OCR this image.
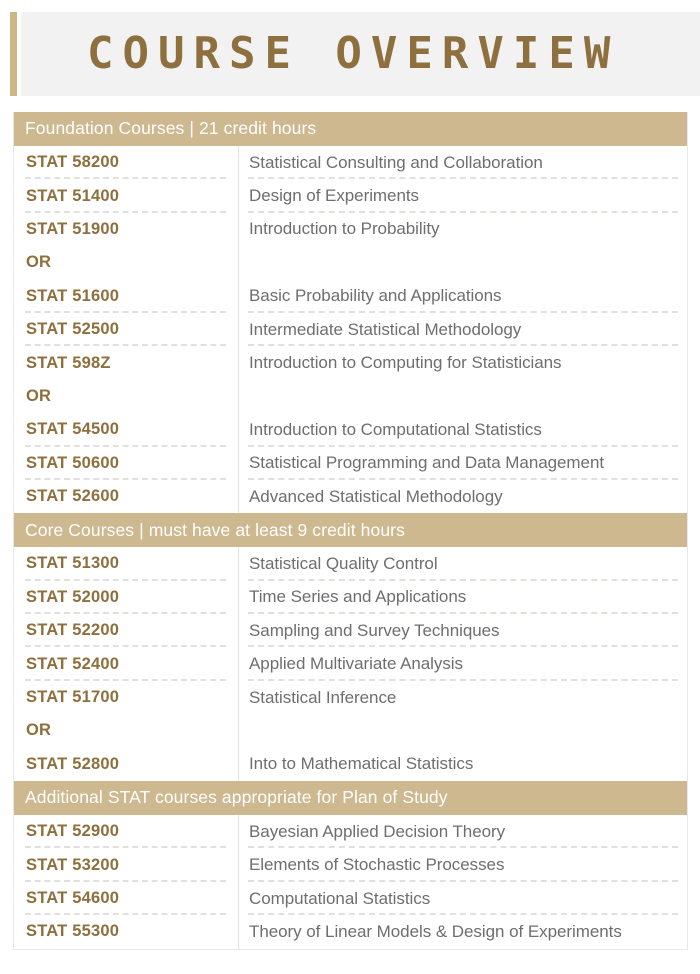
COURSE OVERVIEW
Foundation Courses | 21 credit hours
STAT 58200	Statistical Consulting and Collaboration
STAT 51400	Design of Experiments
STAT 51900	Introduction to Probability
OR
STAT 51600	Basic Probability and Applications
STAT 52500	Intermediate Statistical Methodology
STAT 598Z	Introduction to Computing for Statisticians
OR
STAT 54500	Introduction to Computational Statistics
STAT 50600	Statistical Programming and Data Management
STAT 52600	Advanced Statistical Methodology
Core Courses | must have at least 9 credit hours
STAT 51300	Statistical Quality Control
STAT 52000	Time Series and Applications
STAT 52200	Sampling and Survey Techniques
STAT 52400	Applied Multivariate Analysis
STAT 51700	Statistical Inference
OR
STAT 52800	Into to Mathematical Statistics
Additional STAT courses appropriate for Plan of Study
STAT 52900	Bayesian Applied Decision Theory
STAT 53200	Elements of Stochastic Processes
STAT 54600	Computational Statistics
STAT 55300	Theory of Linear Models & Design of Experiments
